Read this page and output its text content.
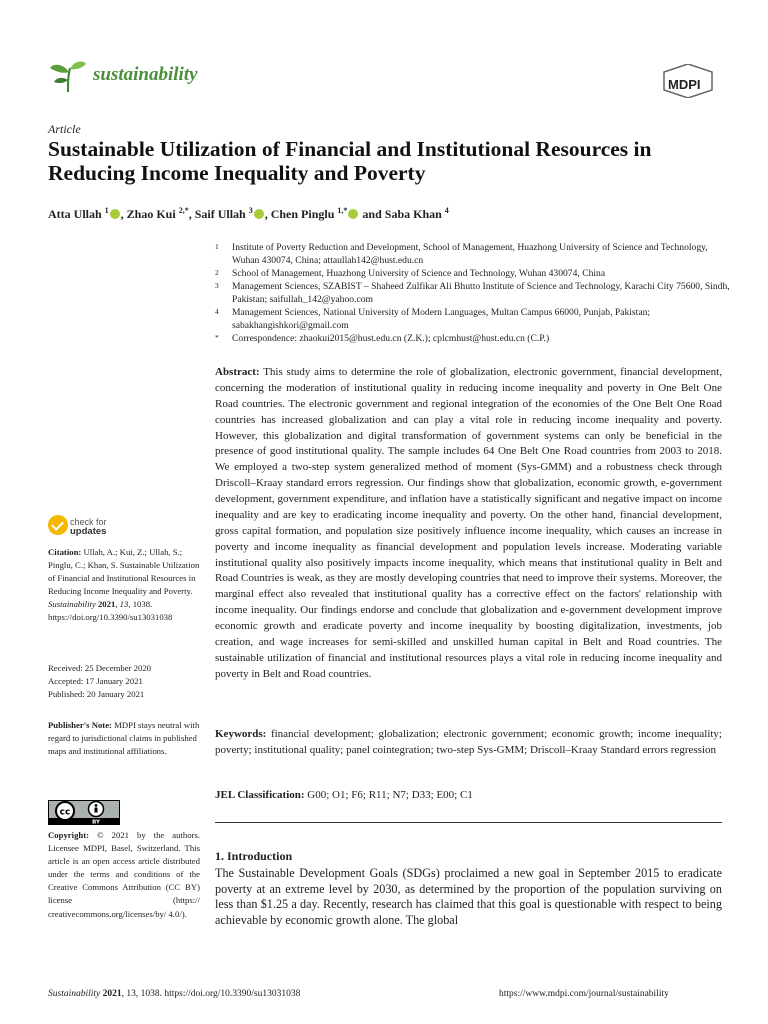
sustainability	MDPI
Article
Sustainable Utilization of Financial and Institutional Resources in Reducing Income Inequality and Poverty
Atta Ullah $^1$ , Zhao Kui $^{2,*}$, Saif Ullah $^3$ , Chen Pinglu $^{1,*}$ and Saba Khan $^4$
1 Institute of Poverty Reduction and Development, School of Management, Huazhong University of Science and Technology, Wuhan 430074, China; attaullah142@hust.edu.cn
2 School of Management, Huazhong University of Science and Technology, Wuhan 430074, China
3 Management Sciences, SZABIST – Shaheed Zulfikar Ali Bhutto Institute of Science and Technology, Karachi City 75600, Sindh, Pakistan; saifullah_142@yahoo.com
4 Management Sciences, National University of Modern Languages, Multan Campus 66000, Punjab, Pakistan; sabakhangishkori@gmail.com
* Correspondence: zhaokui2015@hust.edu.cn (Z.K.); cplcmhust@hust.edu.cn (C.P.)
Abstract: This study aims to determine the role of globalization, electronic government, financial development, concerning the moderation of institutional quality in reducing income inequality and poverty in One Belt One Road countries. The electronic government and regional integration of the economies of the One Belt One Road countries has increased globalization and can play a vital role in reducing income inequality and poverty. However, this globalization and digital transformation of government systems can only be beneficial in the presence of good institutional quality. The sample includes 64 One Belt One Road countries from 2003 to 2018. We employed a two-step system generalized method of moment (Sys-GMM) and a robustness check through Driscoll–Kraay standard errors regression. Our findings show that globalization, economic growth, e-government development, government expenditure, and inflation have a statistically significant and negative impact on income inequality and are key to eradicating income inequality and poverty. On the other hand, financial development, gross capital formation, and population size positively influence income inequality, which causes an increase in poverty and income inequality as financial development and population levels increase. Moderating variable institutional quality also positively impacts income inequality, which means that institutional quality in Belt and Road Countries is weak, as they are mostly developing countries that need to improve their systems. Moreover, the marginal effect also revealed that institutional quality has a corrective effect on the factors' relationship with income inequality. Our findings endorse and conclude that globalization and e-government development improve economic growth and eradicate poverty and income inequality by boosting digitalization, investments, job creation, and wage increases for semi-skilled and unskilled human capital in Belt and Road countries. The sustainable utilization of financial and institutional resources plays a vital role in reducing income inequality and poverty in Belt and Road countries.
Keywords: financial development; globalization; electronic government; economic growth; income inequality; poverty; institutional quality; panel cointegration; two-step Sys-GMM; Driscoll–Kraay Standard errors regression
JEL Classification: G00; O1; F6; R11; N7; D33; E00; C1
1. Introduction
The Sustainable Development Goals (SDGs) proclaimed a new goal in September 2015 to eradicate poverty at an extreme level by 2030, as determined by the proportion of the population surviving on less than $1.25 a day. Recently, research has claimed that this goal is questionable with respect to being achievable by economic growth alone. The global
check for
updates
Citation: Ullah, A.; Kui, Z.; Ullah, S.; Pinglu, C.; Khan, S. Sustainable Utilization of Financial and Institutional Resources in Reducing Income Inequality and Poverty. Sustainability 2021, 13, 1038. https://doi.org/10.3390/su13031038
Received: 25 December 2020
Accepted: 17 January 2021
Published: 20 January 2021
Publisher's Note: MDPI stays neutral with regard to jurisdictional claims in published maps and institutional affiliations.
cc
BY
Copyright: © 2021 by the authors. Licensee MDPI, Basel, Switzerland. This article is an open access article distributed under the terms and conditions of the Creative Commons Attribution (CC BY) license (https:// creativecommons.org/licenses/by/ 4.0/).
Sustainability 2021, 13, 1038. https://doi.org/10.3390/su13031038	https://www.mdpi.com/journal/sustainability
